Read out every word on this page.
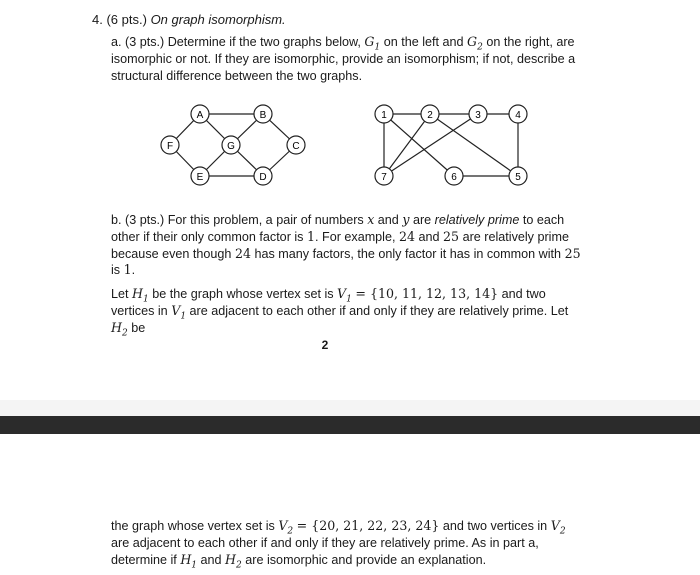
4. (6 pts.) On graph isomorphism.
a. (3 pts.) Determine if the two graphs below, $G_1$ on the left and $G_2$ on the right, are isomorphic or not. If they are isomorphic, provide an isomorphism; if not, describe a structural difference between the two graphs.
A	B
F	G	C
E	D
1	2	3	4
7	6	5
b. (3 pts.) For this problem, a pair of numbers x and y are relatively prime to each other if their only common factor is 1. For example, 24 and 25 are relatively prime because even though 24 has many factors, the only factor it has in common with 25 is 1.
Let $H_1$ be the graph whose vertex set is $V_1 = \{10$, 11, 12, 13, 14} and two vertices in $V_1$ are adjacent to each other if and only if they are relatively prime. Let $H_2$ be
2
the graph whose vertex set is $V_2 = \{20$, 21, 22, 23, 24} and two vertices in $V_2$ are adjacent to each other if and only if they are relatively prime. As in part a, determine if $H_1$ and $H_2$ are isomorphic and provide an explanation.
